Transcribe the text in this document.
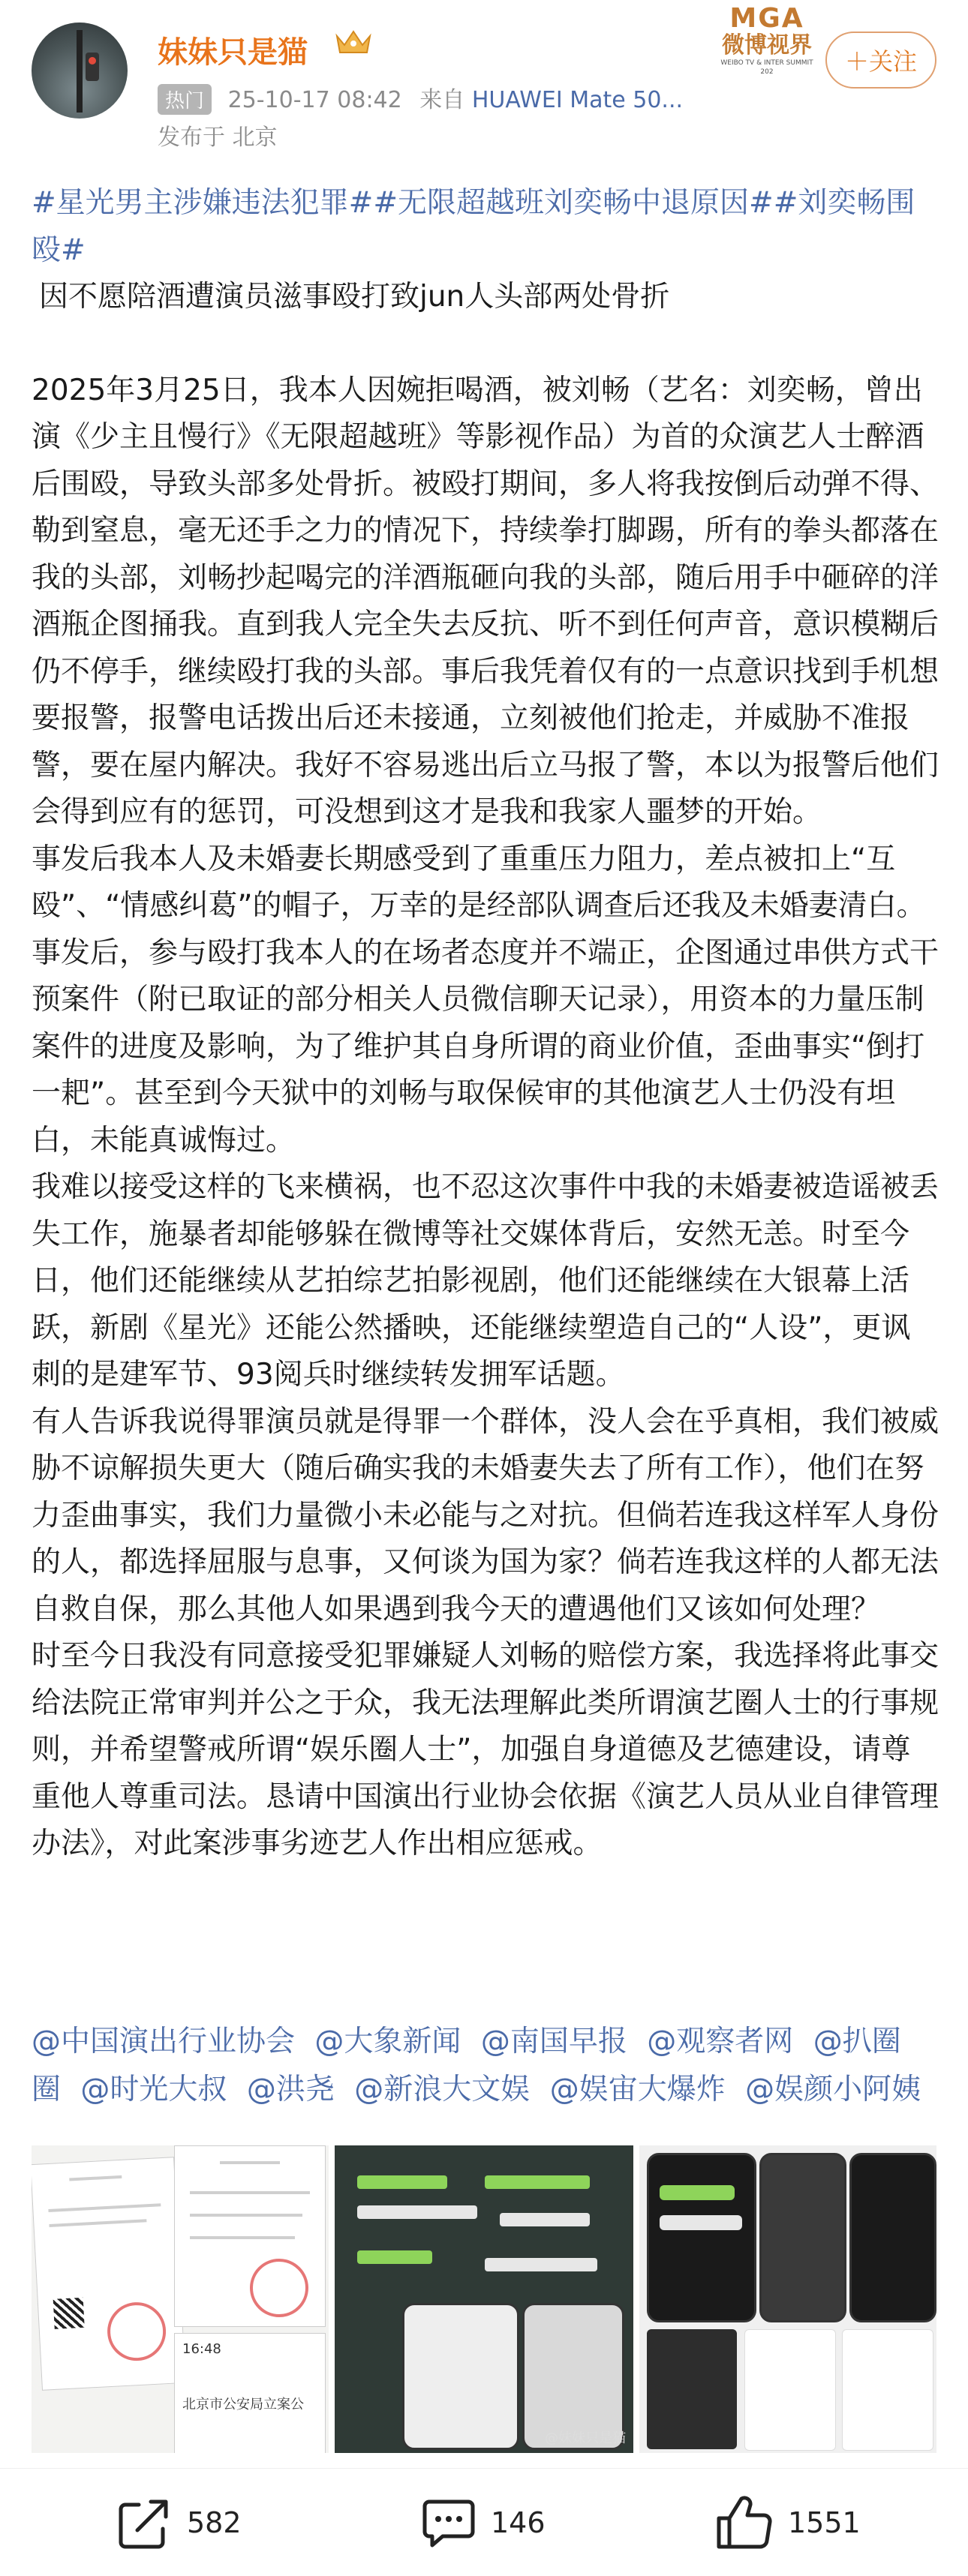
妹妹只是猫
热门 25-10-17 08:42 来自 HUAWEI Mate 50...
发布于 北京
MGA
微博视界
WEIBO TV & INTER SUMMIT 202	＋关注

#星光男主涉嫌违法犯罪##无限超越班刘奕畅中退原因##刘奕畅围殴#

因不愿陪酒遭演员滋事殴打致jun人头部两处骨折

2025年3月25日，我本人因婉拒喝酒，被刘畅（艺名：刘奕畅，曾出演《少主且慢行》《无限超越班》等影视作品）为首的众演艺人士醉酒后围殴，导致头部多处骨折。被殴打期间，多人将我按倒后动弹不得、勒到窒息，毫无还手之力的情况下，持续拳打脚踢，所有的拳头都落在我的头部，刘畅抄起喝完的洋酒瓶砸向我的头部，随后用手中砸碎的洋酒瓶企图捅我。直到我人完全失去反抗、听不到任何声音，意识模糊后仍不停手，继续殴打我的头部。事后我凭着仅有的一点意识找到手机想要报警，报警电话拨出后还未接通，立刻被他们抢走，并威胁不准报警，要在屋内解决。我好不容易逃出后立马报了警，本以为报警后他们会得到应有的惩罚，可没想到这才是我和我家人噩梦的开始。

事发后我本人及未婚妻长期感受到了重重压力阻力，差点被扣上“互殴”、“情感纠葛”的帽子，万幸的是经部队调查后还我及未婚妻清白。事发后，参与殴打我本人的在场者态度并不端正，企图通过串供方式干预案件（附已取证的部分相关人员微信聊天记录），用资本的力量压制案件的进度及影响，为了维护其自身所谓的商业价值，歪曲事实“倒打一耙”。甚至到今天狱中的刘畅与取保候审的其他演艺人士仍没有坦白，未能真诚悔过。

我难以接受这样的飞来横祸，也不忍这次事件中我的未婚妻被造谣被丢失工作，施暴者却能够躲在微博等社交媒体背后，安然无恙。时至今日，他们还能继续从艺拍综艺拍影视剧，他们还能继续在大银幕上活跃，新剧《星光》还能公然播映，还能继续塑造自己的“人设”，更讽刺的是建军节、93阅兵时继续转发拥军话题。

有人告诉我说得罪演员就是得罪一个群体，没人会在乎真相，我们被威胁不谅解损失更大（随后确实我的未婚妻失去了所有工作），他们在努力歪曲事实，我们力量微小未必能与之对抗。但倘若连我这样军人身份的人，都选择屈服与息事，又何谈为国为家？倘若连我这样的人都无法自救自保，那么其他人如果遇到我今天的遭遇他们又该如何处理？

时至今日我没有同意接受犯罪嫌疑人刘畅的赔偿方案，我选择将此事交给法院正常审判并公之于众，我无法理解此类所谓演艺圈人士的行事规则，并希望警戒所谓“娱乐圈人士”，加强自身道德及艺德建设，请尊重他人尊重司法。恳请中国演出行业协会依据《演艺人员从业自律管理办法》，对此案涉事劣迹艺人作出相应惩戒。

@中国演出行业协会 @大象新闻 @南国早报 @观察者网 @扒圈圈 @时光大叔 @洪尧 @新浪大文娱 @娱宙大爆炸 @娱颜小阿姨
16:48
北京市公安局立案公
@妹妹只是猫
582	146	1551
